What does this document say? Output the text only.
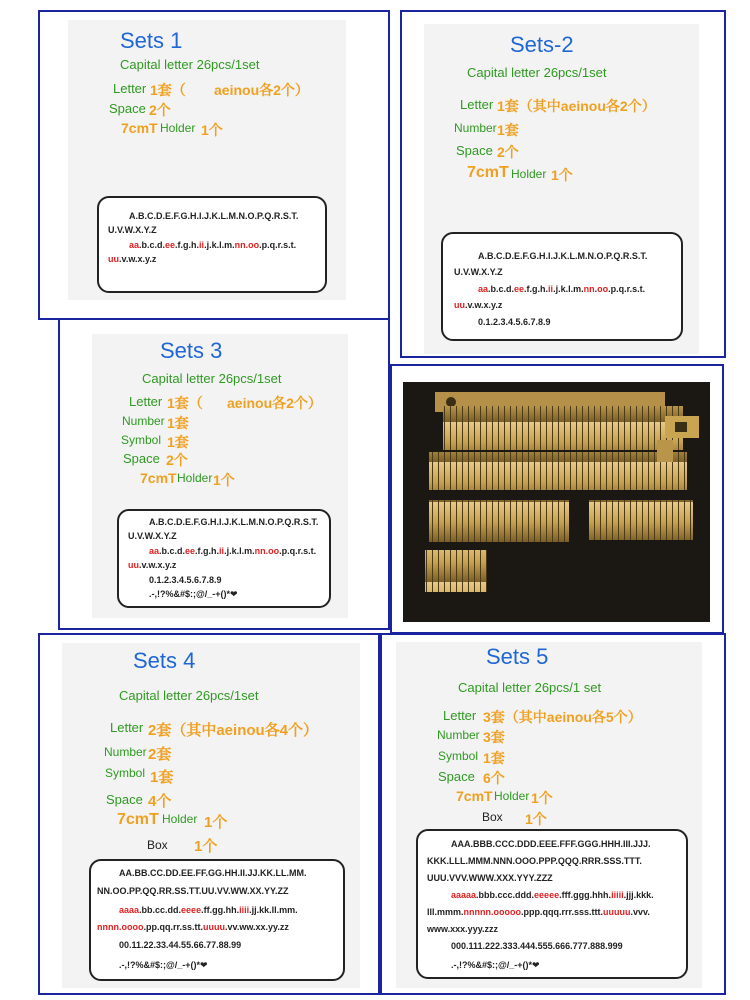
Sets 1
Capital letter 26pcs/1set
Letter 1套（ aeinou各2个）
Space 2个
7cmT Holder 1个
A.B.C.D.E.F.G.H.I.J.K.L.M.N.O.P.Q.R.S.T.
U.V.W.X.Y.Z
aa.b.c.d.ee.f.g.h.ii.j.k.l.m.nn.oo.p.q.r.s.t.
uu.v.w.x.y.z
Sets-2
Capital letter 26pcs/1set
Letter 1套（其中aeinou各2个）
Number 1套
Space 2个
7cmT Holder 1个
A.B.C.D.E.F.G.H.I.J.K.L.M.N.O.P.Q.R.S.T.
U.V.W.X.Y.Z
aa.b.c.d.ee.f.g.h.ii.j.k.l.m.nn.oo.p.q.r.s.t.
uu.v.w.x.y.z
0.1.2.3.4.5.6.7.8.9
Sets 3
Capital letter 26pcs/1set
Letter 1套（ aeinou各2个）
Number 1套
Symbol 1套
Space 2个
7cmT Holder 1个
A.B.C.D.E.F.G.H.I.J.K.L.M.N.O.P.Q.R.S.T.
U.V.W.X.Y.Z
aa.b.c.d.ee.f.g.h.ii.j.k.l.m.nn.oo.p.q.r.s.t.
uu.v.w.x.y.z
0.1.2.3.4.5.6.7.8.9
.-,!?%&#$:;@/_-+()*❤
Sets 4
Capital letter 26pcs/1set
Letter 2套（其中aeinou各4个）
Number 2套
Symbol 1套
Space 4个
7cmT Holder 1个
Box 1个
AA.BB.CC.DD.EE.FF.GG.HH.II.JJ.KK.LL.MM.
NN.OO.PP.QQ.RR.SS.TT.UU.VV.WW.XX.YY.ZZ
aaaa.bb.cc.dd.eeee.ff.gg.hh.iiii.jj.kk.ll.mm.
nnnn.oooo.pp.qq.rr.ss.tt.uuuu.vv.ww.xx.yy.zz
00.11.22.33.44.55.66.77.88.99
.-,!?%&#$:;@/_-+()*❤
Sets 5
Capital letter 26pcs/1 set
Letter 3套（其中aeinou各5个）
Number 3套
Symbol 1套
Space 6个
7cmT Holder 1个
Box 1个
AAA.BBB.CCC.DDD.EEE.FFF.GGG.HHH.III.JJJ.
KKK.LLL.MMM.NNN.OOO.PPP.QQQ.RRR.SSS.TTT.
UUU.VVV.WWW.XXX.YYY.ZZZ
aaaaa.bbb.ccc.ddd.eeeee.fff.ggg.hhh.iiiii.jjj.kkk.
lll.mmm.nnnnn.ooooo.ppp.qqq.rrr.sss.ttt.uuuuu.vvv.
www.xxx.yyy.zzz
000.111.222.333.444.555.666.777.888.999
.-,!?%&#$:;@/_-+()*❤
